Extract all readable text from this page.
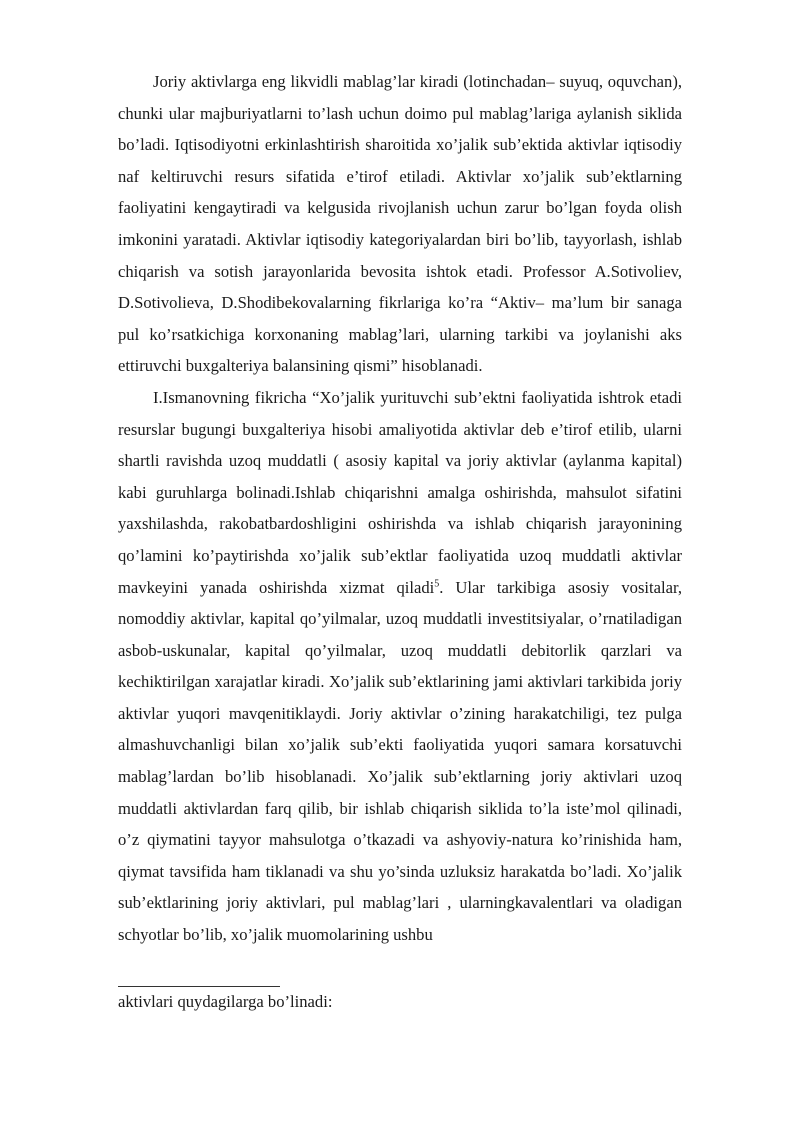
Joriy aktivlarga eng likvidli mablag’lar kiradi (lotinchadan– suyuq, oquvchan), chunki ular majburiyatlarni to’lash uchun doimo pul mablag’lariga aylanish siklida bo’ladi. Iqtisodiyotni erkinlashtirish sharoitida xo’jalik sub’ektida aktivlar iqtisodiy naf keltiruvchi resurs sifatida e’tirof etiladi. Aktivlar xo’jalik sub’ektlarning faoliyatini kengaytiradi va kelgusida rivojlanish uchun zarur bo’lgan foyda olish imkonini yaratadi. Aktivlar iqtisodiy kategoriyalardan biri bo’lib, tayyorlash, ishlab chiqarish va sotish jarayonlarida bevosita ishtok etadi. Professor A.Sotivoliev, D.Sotivolieva, D.Shodibekovalarning fikrlariga ko’ra “Aktiv– ma’lum bir sanaga pul ko’rsatkichiga korxonaning mablag’lari, ularning tarkibi va joylanishi aks ettiruvchi buxgalteriya balansining qismi” hisoblanadi.

I.Ismanovning fikricha “Xo’jalik yurituvchi sub’ektni faoliyatida ishtrok etadi resurslar bugungi buxgalteriya hisobi amaliyotida aktivlar deb e’tirof etilib, ularni shartli ravishda uzoq muddatli ( asosiy kapital va joriy aktivlar (aylanma kapital) kabi guruhlarga bolinadi.Ishlab chiqarishni amalga oshirishda, mahsulot sifatini yaxshilashda, rakobatbardoshligini oshirishda va ishlab chiqarish jarayonining qo’lamini ko’paytirishda xo’jalik sub’ektlar faoliyatida uzoq muddatli aktivlar mavkeyini yanada oshirishda xizmat qiladi$^5$. Ular tarkibiga asosiy vositalar, nomoddiy aktivlar, kapital qo’yilmalar, uzoq muddatli investitsiyalar, o’rnatiladigan asbob-uskunalar, kapital qo’yilmalar, uzoq muddatli debitorlik qarzlari va kechiktirilgan xarajatlar kiradi. Xo’jalik sub’ektlarining jami aktivlari tarkibida joriy aktivlar yuqori mavqenitiklaydi. Joriy aktivlar o’zining harakatchiligi, tez pulga almashuvchanligi bilan xo’jalik sub’ekti faoliyatida yuqori samara korsatuvchi mablag’lardan bo’lib hisoblanadi. Xo’jalik sub’ektlarning joriy aktivlari uzoq muddatli aktivlardan farq qilib, bir ishlab chiqarish siklida to’la iste’mol qilinadi, o’z qiymatini tayyor mahsulotga o’tkazadi va ashyoviy-natura ko’rinishida ham, qiymat tavsifida ham tiklanadi va shu yo’sinda uzluksiz harakatda bo’ladi. Xo’jalik sub’ektlarining joriy aktivlari, pul mablag’lari , ularningkavalentlari va oladigan schyotlar bo’lib, xo’jalik muomolarining ushbu

aktivlari quydagilarga bo’linadi:
